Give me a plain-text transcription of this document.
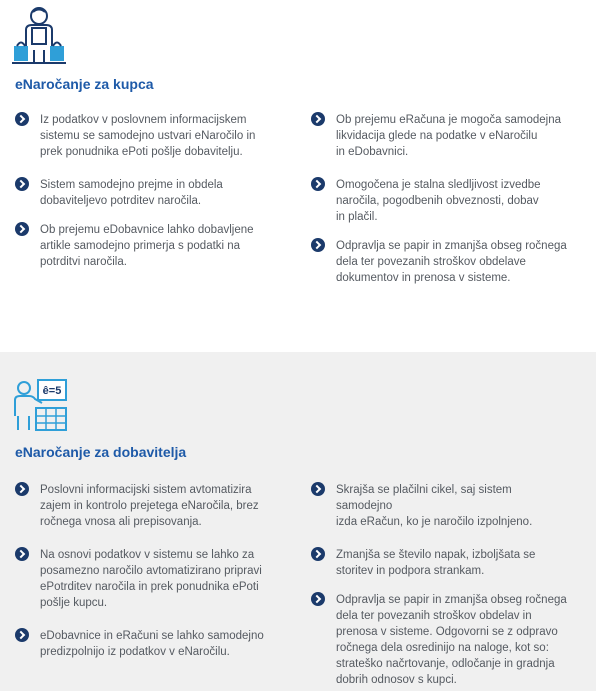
eNaročanje za kupca
Iz podatkov v poslovnem informacijskem
sistemu se samodejno ustvari eNaročilo in
prek ponudnika ePoti pošlje dobavitelju.
Sistem samodejno prejme in obdela
dobaviteljevo potrditev naročila.
Ob prejemu eDobavnice lahko dobavljene
artikle samodejno primerja s podatki na
potrditvi naročila.
Ob prejemu eRačuna je mogoča samodejna
likvidacija glede na podatke v eNaročilu
in eDobavnici.
Omogočena je stalna sledljivost izvedbe
naročila, pogodbenih obveznosti, dobav
in plačil.
Odpravlja se papir in zmanjša obseg ročnega
dela ter povezanih stroškov obdelave
dokumentov in prenosa v sisteme.
ê=5
eNaročanje za dobavitelja
Poslovni informacijski sistem avtomatizira
zajem in kontrolo prejetega eNaročila, brez
ročnega vnosa ali prepisovanja.
Na osnovi podatkov v sistemu se lahko za
posamezno naročilo avtomatizirano pripravi
ePotrditev naročila in prek ponudnika ePoti
pošlje kupcu.
eDobavnice in eRačuni se lahko samodejno
predizpolnijo iz podatkov v eNaročilu.
Skrajša se plačilni cikel, saj sistem samodejno
izda eRačun, ko je naročilo izpolnjeno.
Zmanjša se število napak, izboljšata se
storitev in podpora strankam.
Odpravlja se papir in zmanjša obseg ročnega
dela ter povezanih stroškov obdelav in
prenosa v sisteme. Odgovorni se z odpravo
ročnega dela osredinijo na naloge, kot so:
strateško načrtovanje, odločanje in gradnja
dobrih odnosov s kupci.
